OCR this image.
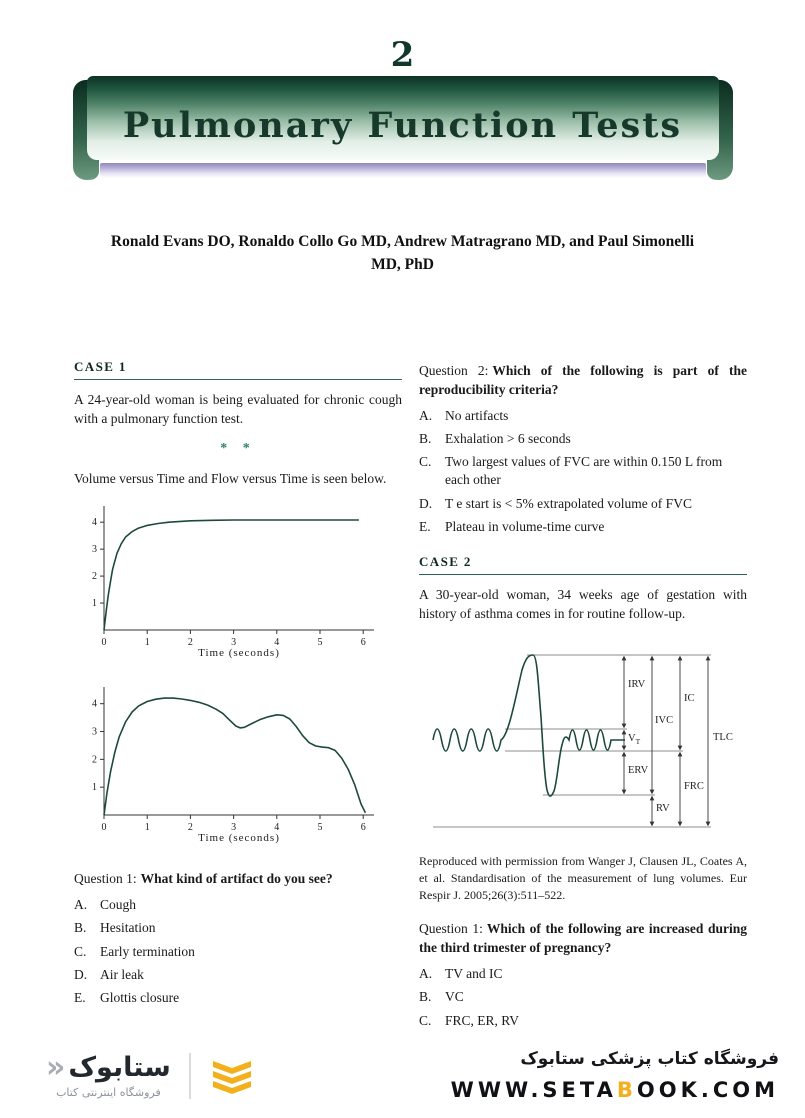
2
Pulmonary Function Tests

Ronald Evans DO, Ronaldo Collo Go MD, Andrew Matragrano MD, and Paul Simonelli MD, PhD

CASE 1

A 24-year-old woman is being evaluated for chronic cough with a pulmonary function test.

* *

Volume versus Time and Flow versus Time is seen below.

0	1	2	3	4	5	6
1
2
3
4
Time (seconds)
0	1	2	3	4	5	6
1
2
3
4
Time (seconds)

Question 1: What kind of artifact do you see?

A. Cough
B.	Hesitation
C.	Early termination
D. Air leak
E.	Glottis closure

Question 2: Which of the following is part of the reproducibility criteria?

A. No artifacts
B.	Exhalation > 6 seconds
C.	Two largest values of FVC are within 0.150 L from each other
D. T e start is < 5% extrapolated volume of FVC
E.	Plateau in volume-time curve
CASE 2

A 30-year-old woman, 34 weeks age of gestation with history of asthma comes in for routine follow-up.

IRV
$V_T$
ERV
IVC
RV
IC
FRC
TLC

Reproduced with permission from Wanger J, Clausen JL, Coates A, et al. Standardisation of the measurement of lung volumes. Eur Respir J. 2005;26(3):511–522.

Question 1: Which of the following are increased during the third trimester of pregnancy?

A. TV and IC
B.	VC
C.	FRC, ER, RV
ستابوک
«
فروشگاه اینترنتی کتاب
فروشگاه کتاب پزشکی ستابوک
WWW.SETABOOK.COM
